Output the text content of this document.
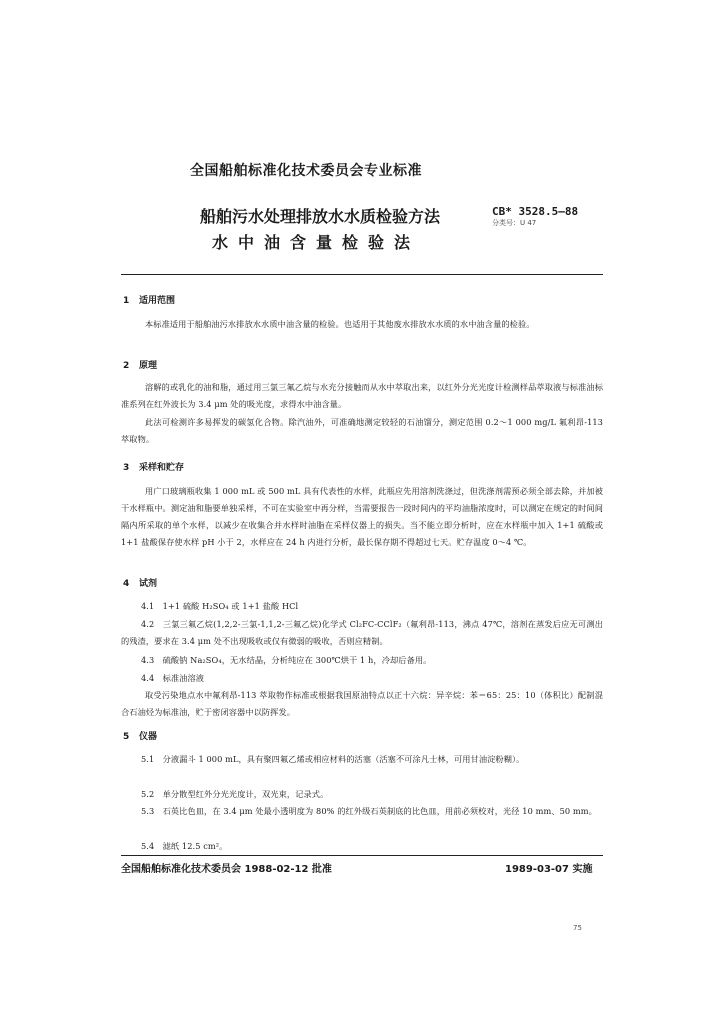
全国船舶标准化技术委员会专业标准
船舶污水处理排放水水质检验方法
水中油含量检验法
CB* 3528.5—88
分类号：U 47
1 适用范围
本标准适用于船舶油污水排放水水质中油含量的检验。也适用于其他废水排放水水质的水中油含量的检验。
2 原理
溶解的或乳化的油和脂，通过用三氯三氟乙烷与水充分接触而从水中萃取出来，以红外分光光度计检测样品萃取液与标准油标准系列在红外波长为 3.4 μm 处的吸光度，求得水中油含量。
此法可检测许多易挥发的碳氢化合物。除汽油外，可准确地测定较轻的石油馏分，测定范围 0.2～1 000 mg/L 氟利昂-113 萃取物。
3 采样和贮存
用广口玻璃瓶收集 1 000 mL 或 500 mL 具有代表性的水样，此瓶应先用溶剂洗涤过，但洗涤剂需预必须全部去除，并加被干水样瓶中。测定油和脂要单独采样，不可在实验室中再分样，当需要报告一段时间内的平均油脂浓度时，可以测定在规定的时间间隔内所采取的单个水样，以减少在收集合并水样时油脂在采样仪器上的损失。当不能立即分析时，应在水样瓶中加入 1+1 硫酸或 1+1 盐酸保存使水样 pH 小于 2，水样应在 24 h 内进行分析，最长保存期不得超过七天。贮存温度 0～4 ℃。
4 试剂
4.1　1+1 硫酸 H₂SO₄ 或 1+1 盐酸 HCl
4.2　三氯三氟乙烷(1,2,2-三氯-1,1,2-三氟乙烷)化学式 Cl₂FC-CClF₂（氟利昂-113，沸点 47℃，溶剂在蒸发后应无可测出的残渣，要求在 3.4 μm 处不出现吸收或仅有微弱的吸收，否则应精制。
4.3　硫酸钠 Na₂SO₄，无水结晶，分析纯应在 300℃烘干 1 h，冷却后备用。
4.4　标准油溶液
取受污染地点水中氟利昂-113 萃取物作标准或根据我国原油特点以正十六烷：异辛烷：苯＝65：25：10（体积比）配制混合石油烃为标准油，贮于密闭容器中以防挥发。
5 仪器
5.1　分液漏斗 1 000 mL，具有聚四氟乙烯或相应材料的活塞（活塞不可涂凡士林，可用甘油淀粉糊）。
5.2　单分散型红外分光光度计，双光束，记录式。
5.3　石英比色皿，在 3.4 μm 处最小透明度为 80% 的红外级石英制底的比色皿，用前必须校对，光径 10 mm、50 mm。
5.4　滤纸 12.5 cm²。
全国船舶标准化技术委员会 1988-02-12 批准	1989-03-07 实施
75
